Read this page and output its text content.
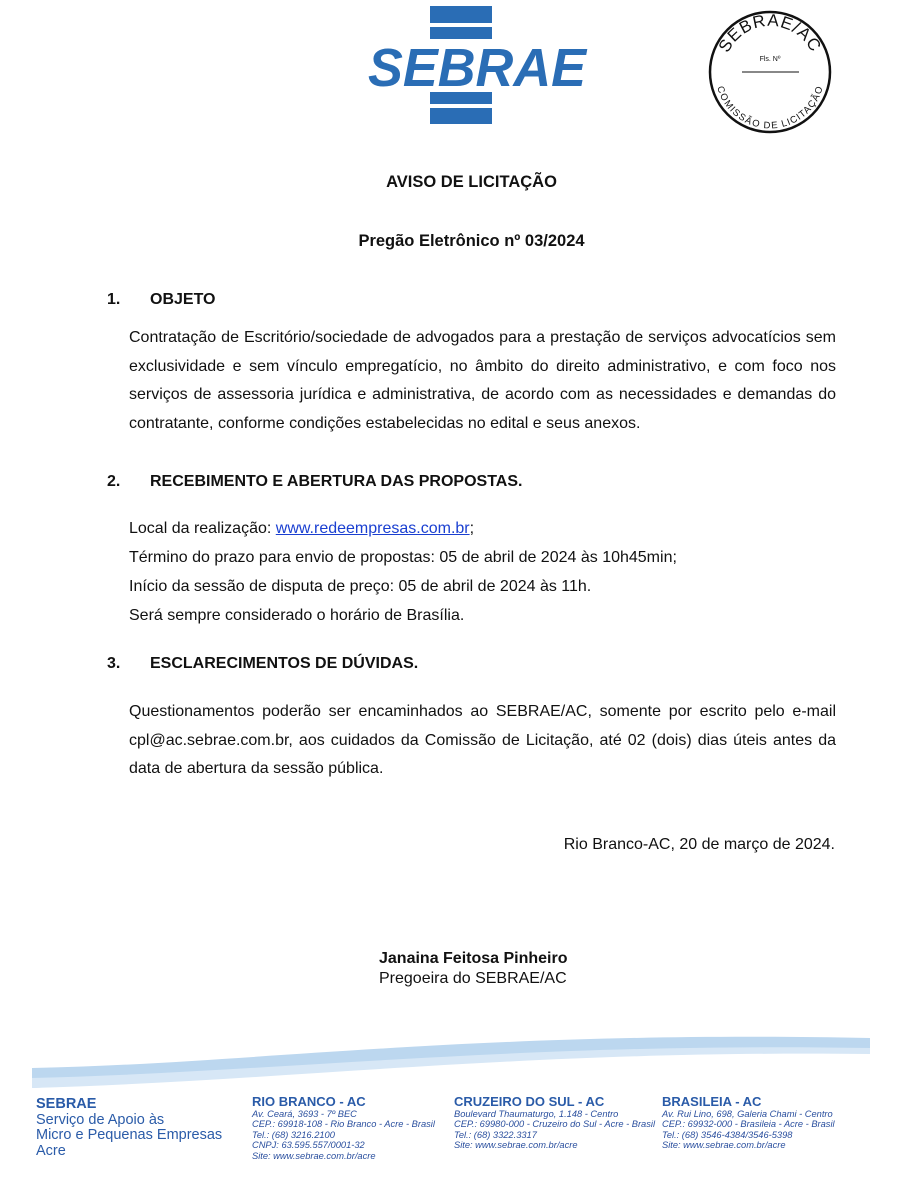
SEBRAE	SEBRAE/AC
COMISSÃO DE LICITAÇÃO
Fls. Nº
AVISO DE LICITAÇÃO
Pregão Eletrônico nº 03/2024
1. OBJETO

Contratação de Escritório/sociedade de advogados para a prestação de serviços advocatícios sem exclusividade e sem vínculo empregatício, no âmbito do direito administrativo, e com foco nos serviços de assessoria jurídica e administrativa, de acordo com as necessidades e demandas do contratante, conforme condições estabelecidas no edital e seus anexos.

2. RECEBIMENTO E ABERTURA DAS PROPOSTAS.
Local da realização: www.redeempresas.com.br;
Término do prazo para envio de propostas: 05 de abril de 2024 às 10h45min;
Início da sessão de disputa de preço: 05 de abril de 2024 às 11h.
Será sempre considerado o horário de Brasília.
3. ESCLARECIMENTOS DE DÚVIDAS.

Questionamentos poderão ser encaminhados ao SEBRAE/AC, somente por escrito pelo e-mail cpl@ac.sebrae.com.br, aos cuidados da Comissão de Licitação, até 02 (dois) dias úteis antes da data de abertura da sessão pública.

Rio Branco-AC, 20 de março de 2024.
Janaina Feitosa Pinheiro
Pregoeira do SEBRAE/AC
SEBRAE
Serviço de Apoio às
Micro e Pequenas Empresas
Acre
RIO BRANCO - AC
Av. Ceará, 3693 - 7º BEC
CEP.: 69918-108 - Rio Branco - Acre - Brasil
Tel.: (68) 3216.2100
CNPJ: 63.595.557/0001-32
Site: www.sebrae.com.br/acre
CRUZEIRO DO SUL - AC
Boulevard Thaumaturgo, 1.148 - Centro
CEP.: 69980-000 - Cruzeiro do Sul - Acre - Brasil
Tel.: (68) 3322.3317
Site: www.sebrae.com.br/acre
BRASILEIA - AC
Av. Rui Lino, 698, Galeria Chami - Centro
CEP.: 69932-000 - Brasileia - Acre - Brasil
Tel.: (68) 3546-4384/3546-5398
Site: www.sebrae.com.br/acre
